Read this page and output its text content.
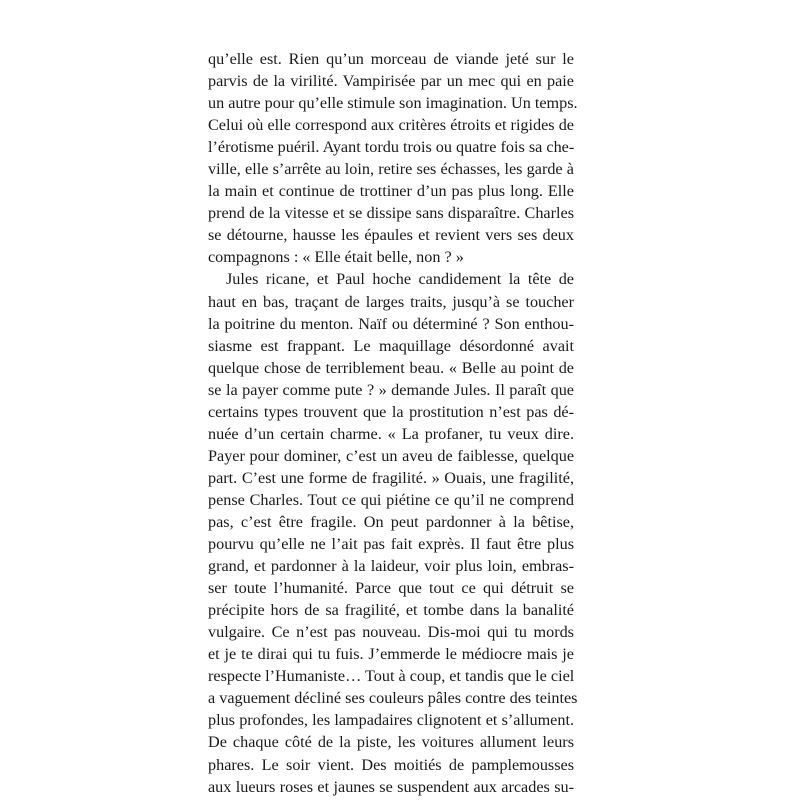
qu’elle est. Rien qu’un morceau de viande jeté sur le
parvis de la virilité. Vampirisée par un mec qui en paie
un autre pour qu’elle stimule son imagination. Un temps.
Celui où elle correspond aux critères étroits et rigides de
l’érotisme puéril. Ayant tordu trois ou quatre fois sa che-
ville, elle s’arrête au loin, retire ses échasses, les garde à
la main et continue de trottiner d’un pas plus long. Elle
prend de la vitesse et se dissipe sans disparaître. Charles
se détourne, hausse les épaules et revient vers ses deux
compagnons : « Elle était belle, non ? »
Jules ricane, et Paul hoche candidement la tête de
haut en bas, traçant de larges traits, jusqu’à se toucher
la poitrine du menton. Naïf ou déterminé ? Son enthou-
siasme est frappant. Le maquillage désordonné avait
quelque chose de terriblement beau. « Belle au point de
se la payer comme pute ? » demande Jules. Il paraît que
certains types trouvent que la prostitution n’est pas dé-
nuée d’un certain charme. « La profaner, tu veux dire.
Payer pour dominer, c’est un aveu de faiblesse, quelque
part. C’est une forme de fragilité. » Ouais, une fragilité,
pense Charles. Tout ce qui piétine ce qu’il ne comprend
pas, c’est être fragile. On peut pardonner à la bêtise,
pourvu qu’elle ne l’ait pas fait exprès. Il faut être plus
grand, et pardonner à la laideur, voir plus loin, embras-
ser toute l’humanité. Parce que tout ce qui détruit se
précipite hors de sa fragilité, et tombe dans la banalité
vulgaire. Ce n’est pas nouveau. Dis-moi qui tu mords
et je te dirai qui tu fuis. J’emmerde le médiocre mais je
respecte l’Humaniste… Tout à coup, et tandis que le ciel
a vaguement décliné ses couleurs pâles contre des teintes
plus profondes, les lampadaires clignotent et s’allument.
De chaque côté de la piste, les voitures allument leurs
phares. Le soir vient. Des moitiés de pamplemousses
aux lueurs roses et jaunes se suspendent aux arcades su-
